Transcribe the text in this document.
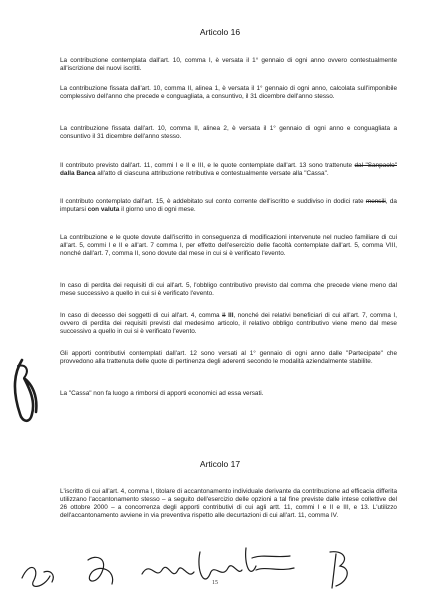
Articolo 16

La contribuzione contemplata dall'art. 10, comma I, è versata il 1° gennaio di ogni anno ovvero contestualmente all'iscrizione dei nuovi iscritti.

La contribuzione fissata dall'art. 10, comma II, alinea 1, è versata il 1° gennaio di ogni anno, calcolata sull'imponibile complessivo dell'anno che precede e conguagliata, a consuntivo, il 31 dicembre dell'anno stesso.

La contribuzione fissata dall'art. 10, comma II, alinea 2, è versata il 1° gennaio di ogni anno e conguagliata a consuntivo il 31 dicembre dell'anno stesso.

Il contributo previsto dall'art. 11, commi I e II e III, e le quote contemplate dall'art. 13 sono trattenute dal "Sanpaolo" dalla Banca all'atto di ciascuna attribuzione retributiva e contestualmente versate alla "Cassa".

Il contributo contemplato dall'art. 15, è addebitato sul conto corrente dell'iscritto e suddiviso in dodici rate mensili, da imputarsi con valuta il giorno uno di ogni mese.

La contribuzione e le quote dovute dall'iscritto in conseguenza di modificazioni intervenute nel nucleo familiare di cui all'art. 5, commi I e II e all'art. 7 comma I, per effetto dell'esercizio delle facoltà contemplate dall'art. 5, comma VIII, nonché dall'art. 7, comma II, sono dovute dal mese in cui si è verificato l'evento.

In caso di perdita dei requisiti di cui all'art. 5, l'obbligo contributivo previsto dal comma che precede viene meno dal mese successivo a quello in cui si è verificato l'evento.

In caso di decesso dei soggetti di cui all'art. 4, comma II III, nonché dei relativi beneficiari di cui all'art. 7, comma I, ovvero di perdita dei requisiti previsti dal medesimo articolo, il relativo obbligo contributivo viene meno dal mese successivo a quello in cui si è verificato l'evento.

Gli apporti contributivi contemplati dall'art. 12 sono versati al 1° gennaio di ogni anno dalle "Partecipate" che provvedono alla trattenuta delle quote di pertinenza degli aderenti secondo le modalità aziendalmente stabilite.

La "Cassa" non fa luogo a rimborsi di apporti economici ad essa versati.

Articolo 17

L'iscritto di cui all'art. 4, comma I, titolare di accantonamento individuale derivante da contribuzione ad efficacia differita utilizzano l'accantonamento stesso – a seguito dell'esercizio delle opzioni a tal fine previste dalle intese collettive del 26 ottobre 2000 – a concorrenza degli apporti contributivi di cui agli artt. 11, commi I e II e III, e 13. L'utilizzo dell'accantonamento avviene in via preventiva rispetto alle decurtazioni di cui all'art. 11, comma IV.

15
